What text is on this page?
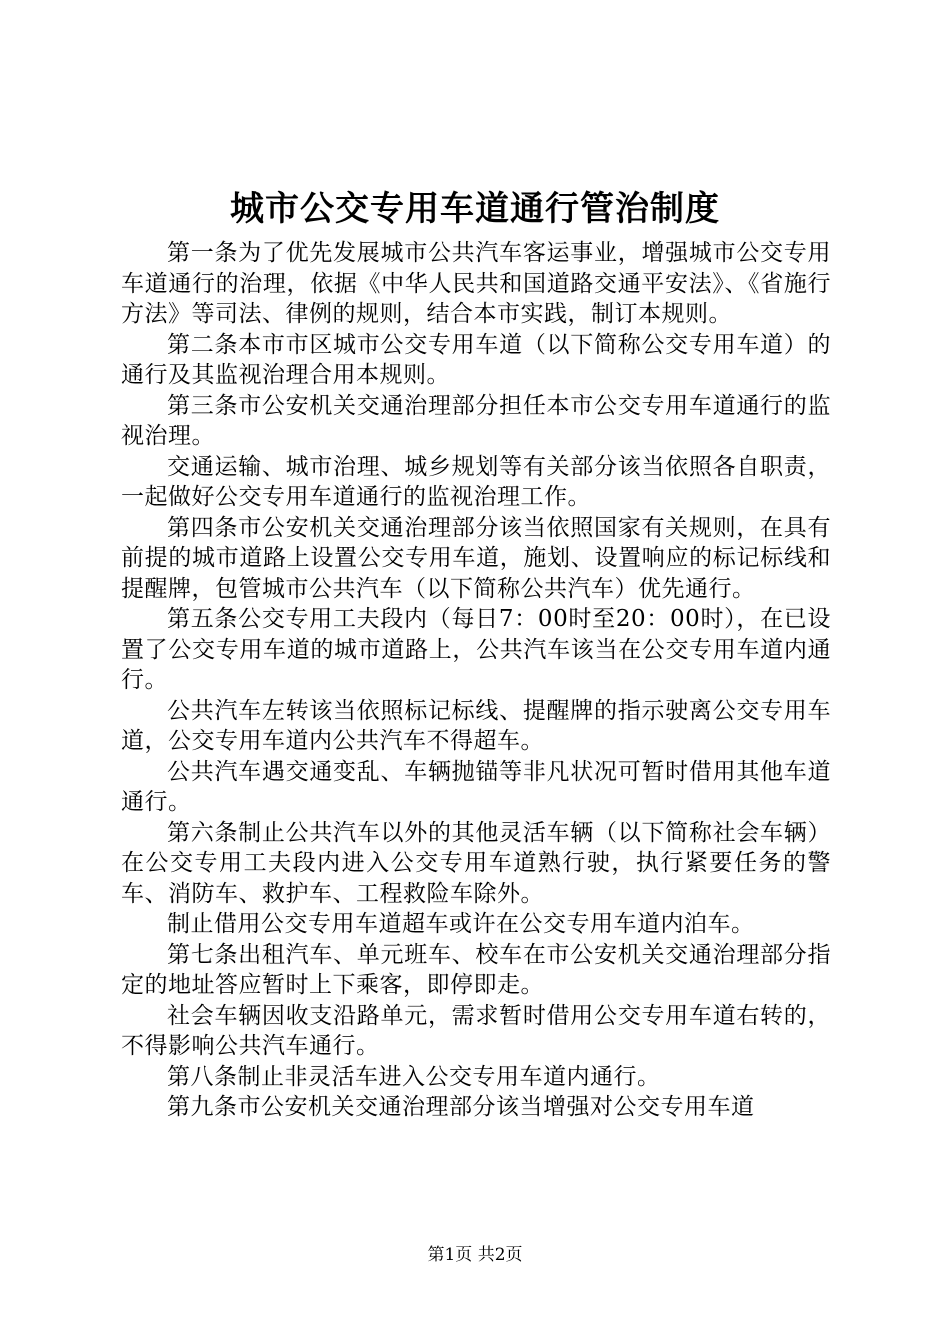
城市公交专用车道通行管治制度

第一条为了优先发展城市公共汽车客运事业，增强城市公交专用车道通行的治理，依据《中华人民共和国道路交通平安法》、《省施行方法》等司法、律例的规则，结合本市实践，制订本规则。

第二条本市市区城市公交专用车道（以下简称公交专用车道）的通行及其监视治理合用本规则。

第三条市公安机关交通治理部分担任本市公交专用车道通行的监视治理。

交通运输、城市治理、城乡规划等有关部分该当依照各自职责，一起做好公交专用车道通行的监视治理工作。

第四条市公安机关交通治理部分该当依照国家有关规则，在具有前提的城市道路上设置公交专用车道，施划、设置响应的标记标线和提醒牌，包管城市公共汽车（以下简称公共汽车）优先通行。

第五条公交专用工夫段内（每日7：00时至20：00时），在已设置了公交专用车道的城市道路上，公共汽车该当在公交专用车道内通行。

公共汽车左转该当依照标记标线、提醒牌的指示驶离公交专用车道，公交专用车道内公共汽车不得超车。

公共汽车遇交通变乱、车辆抛锚等非凡状况可暂时借用其他车道通行。

第六条制止公共汽车以外的其他灵活车辆（以下简称社会车辆）在公交专用工夫段内进入公交专用车道熟行驶，执行紧要任务的警车、消防车、救护车、工程救险车除外。

制止借用公交专用车道超车或许在公交专用车道内泊车。

第七条出租汽车、单元班车、校车在市公安机关交通治理部分指定的地址答应暂时上下乘客，即停即走。

社会车辆因收支沿路单元，需求暂时借用公交专用车道右转的，不得影响公共汽车通行。

第八条制止非灵活车进入公交专用车道内通行。

第九条市公安机关交通治理部分该当增强对公交专用车道

第1页 共2页
